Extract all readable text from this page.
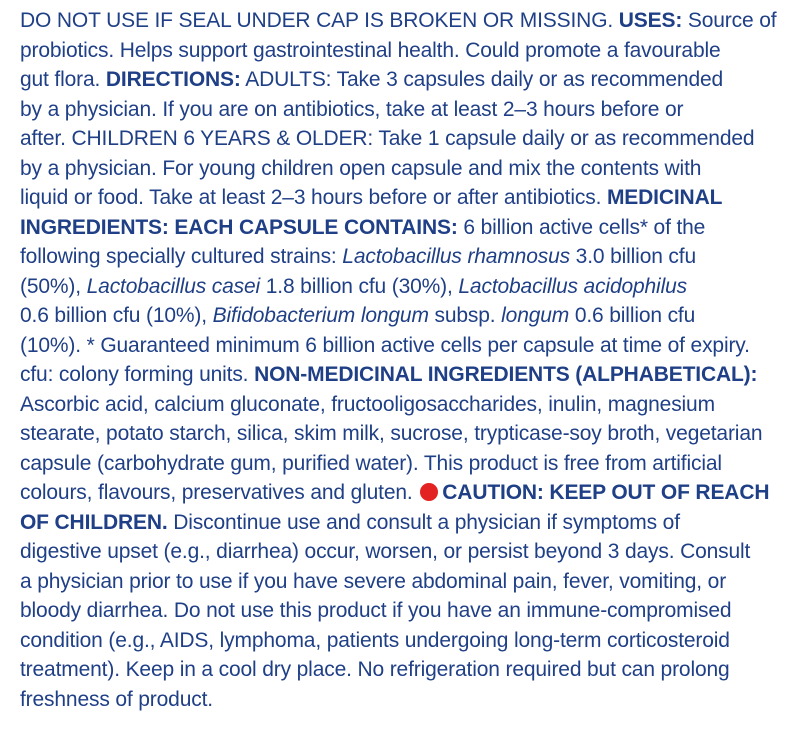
DO NOT USE IF SEAL UNDER CAP IS BROKEN OR MISSING. USES: Source of
probiotics. Helps support gastrointestinal health. Could promote a favourable
gut flora. DIRECTIONS: ADULTS: Take 3 capsules daily or as recommended
by a physician. If you are on antibiotics, take at least 2–3 hours before or
after. CHILDREN 6 YEARS & OLDER: Take 1 capsule daily or as recommended
by a physician. For young children open capsule and mix the contents with
liquid or food. Take at least 2–3 hours before or after antibiotics. MEDICINAL
INGREDIENTS: EACH CAPSULE CONTAINS: 6 billion active cells* of the
following specially cultured strains: Lactobacillus rhamnosus 3.0 billion cfu
(50%), Lactobacillus casei 1.8 billion cfu (30%), Lactobacillus acidophilus
0.6 billion cfu (10%), Bifidobacterium longum subsp. longum 0.6 billion cfu
(10%). * Guaranteed minimum 6 billion active cells per capsule at time of expiry.
cfu: colony forming units. NON-MEDICINAL INGREDIENTS (ALPHABETICAL):
Ascorbic acid, calcium gluconate, fructooligosaccharides, inulin, magnesium
stearate, potato starch, silica, skim milk, sucrose, trypticase-soy broth, vegetarian
capsule (carbohydrate gum, purified water). This product is free from artificial
colours, flavours, preservatives and gluten. CAUTION: KEEP OUT OF REACH
OF CHILDREN. Discontinue use and consult a physician if symptoms of
digestive upset (e.g., diarrhea) occur, worsen, or persist beyond 3 days. Consult
a physician prior to use if you have severe abdominal pain, fever, vomiting, or
bloody diarrhea. Do not use this product if you have an immune-compromised
condition (e.g., AIDS, lymphoma, patients undergoing long-term corticosteroid
treatment). Keep in a cool dry place. No refrigeration required but can prolong
freshness of product.
